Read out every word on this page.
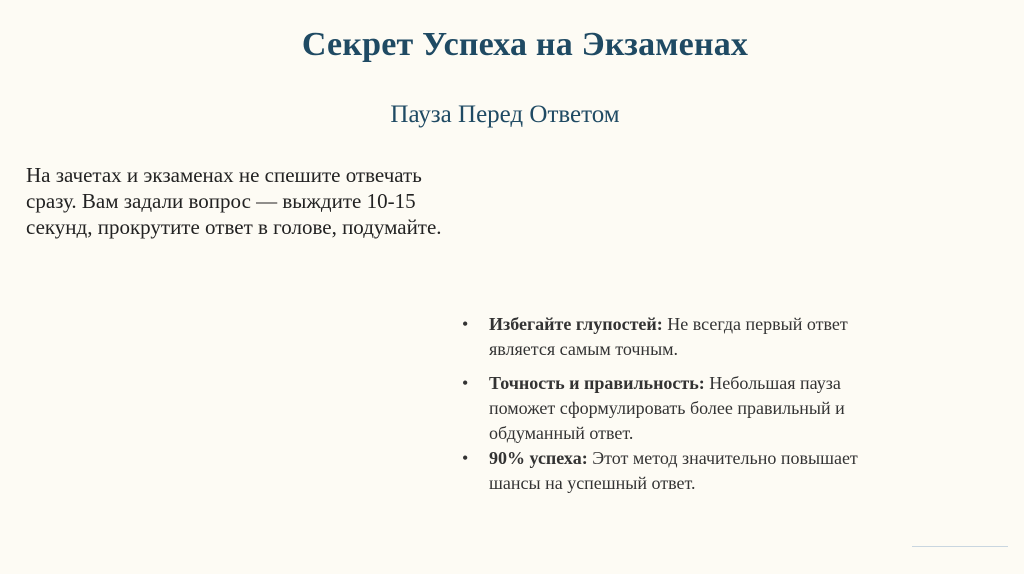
Секрет Успеха на Экзаменах
Пауза Перед Ответом

На зачетах и экзаменах не спешите отвечать сразу. Вам задали вопрос — выждите 10-15 секунд, прокрутите ответ в голове, подумайте.

• Избегайте глупостей: Не всегда первый ответ является самым точным.
• Точность и правильность: Небольшая пауза поможет сформулировать более правильный и обдуманный ответ.
• 90% успеха: Этот метод значительно повышает шансы на успешный ответ.
